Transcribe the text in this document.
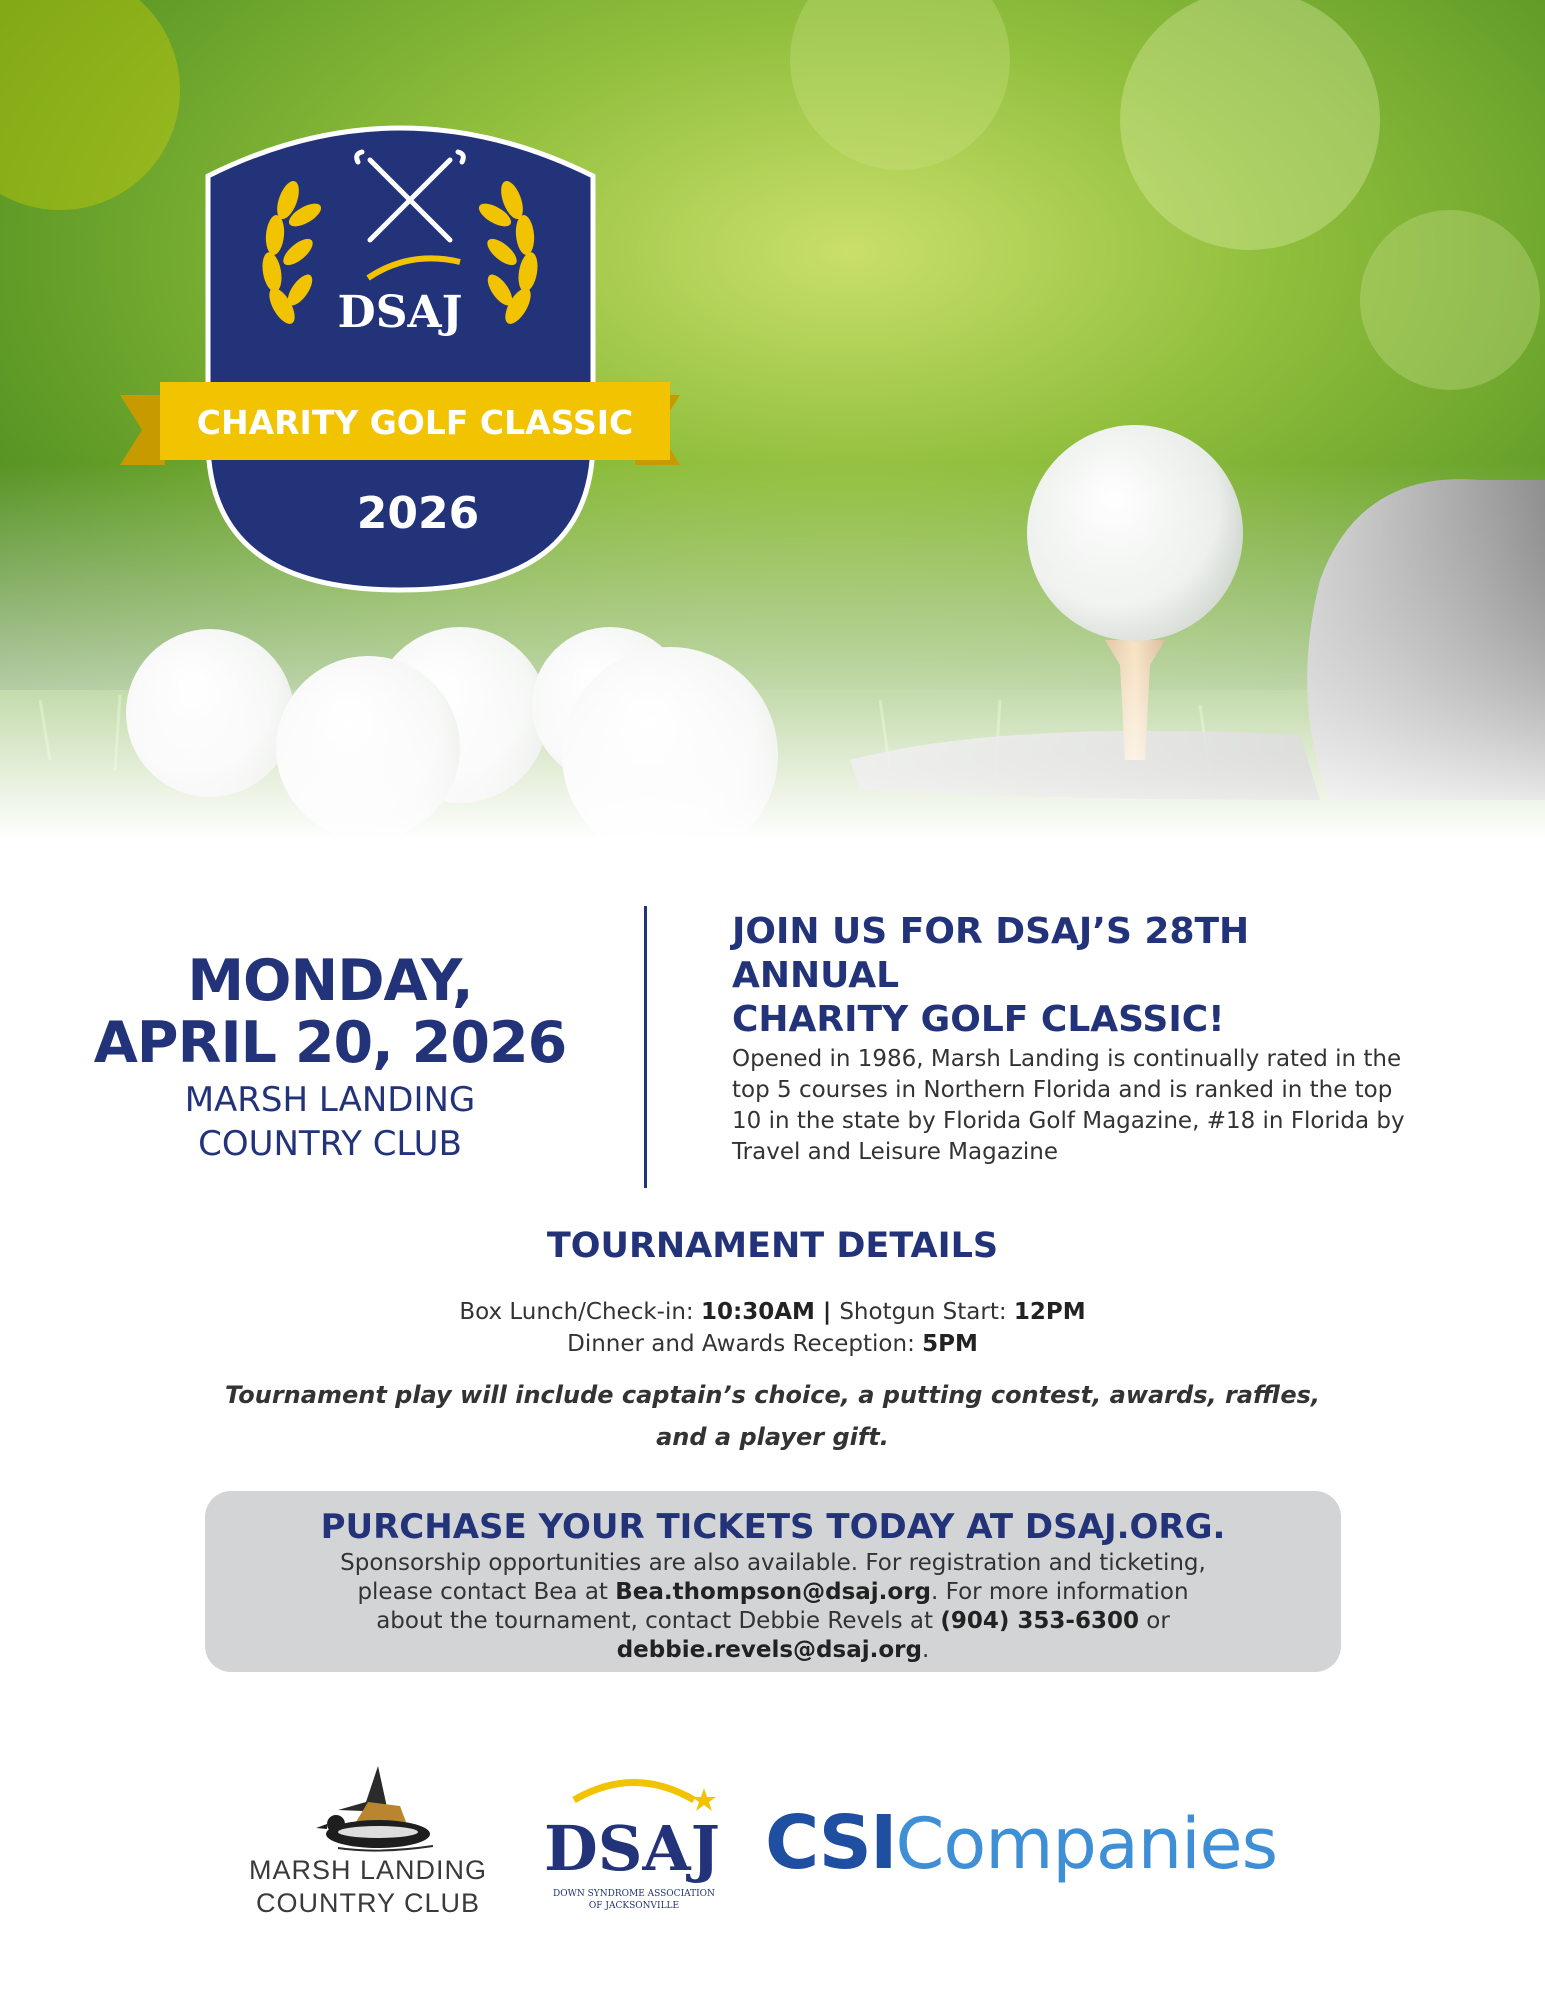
DSAJ
CHARITY GOLF CLASSIC
2026
MONDAY,
APRIL 20, 2026
MARSH LANDING
COUNTRY CLUB
JOIN US FOR DSAJ’S 28TH ANNUAL
CHARITY GOLF CLASSIC!
Opened in 1986, Marsh Landing is continually rated in the top 5 courses in Northern Florida and is ranked in the top 10 in the state by Florida Golf Magazine, #18 in Florida by Travel and Leisure Magazine
TOURNAMENT DETAILS
Box Lunch/Check-in: 10:30AM | Shotgun Start: 12PM
Dinner and Awards Reception: 5PM
Tournament play will include captain’s choice, a putting contest, awards, raffles, and a player gift.
PURCHASE YOUR TICKETS TODAY AT DSAJ.ORG.
Sponsorship opportunities are also available. For registration and ticketing, please contact Bea at Bea.thompson@dsaj.org. For more information about the tournament, contact Debbie Revels at (904) 353-6300 or debbie.revels@dsaj.org.
MARSH LANDING
COUNTRY CLUB
DSAJ
DOWN SYNDROME ASSOCIATION
OF JACKSONVILLE
CSICompanies
